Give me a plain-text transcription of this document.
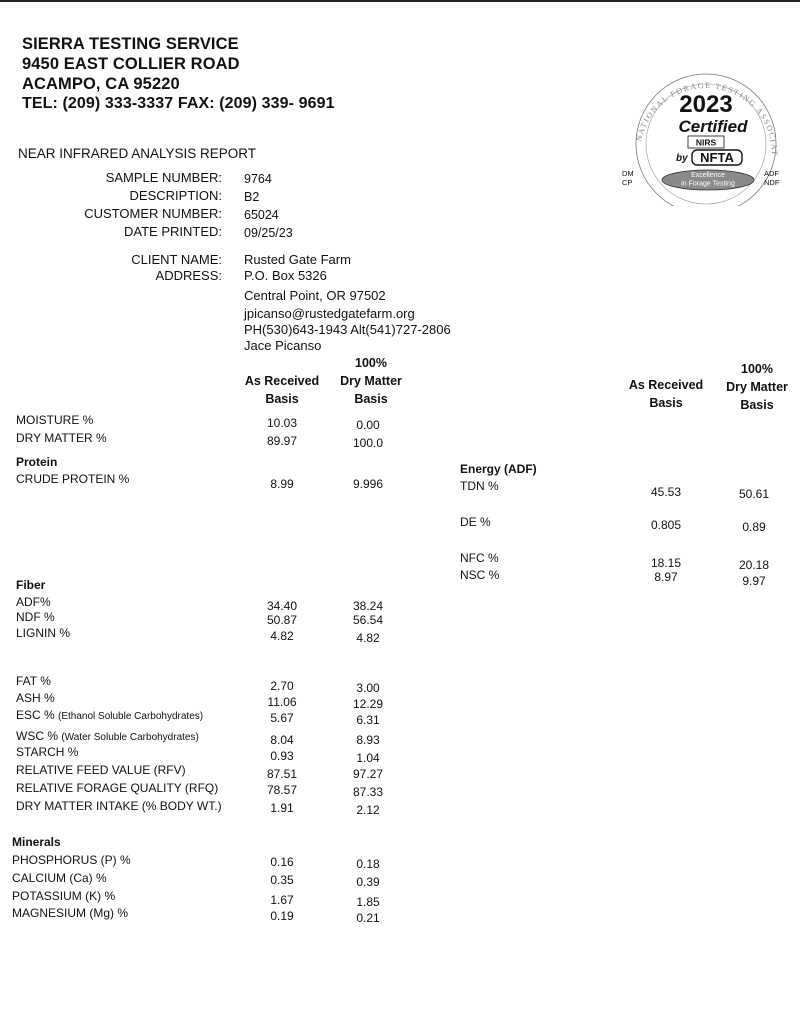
SIERRA TESTING SERVICE
9450 EAST COLLIER ROAD
ACAMPO, CA 95220
TEL: (209) 333-3337 FAX: (209) 339- 9691
NATIONAL FORAGE TESTING ASSOCIAT
2023
Certified
NIRS
by NFTA
Excellence
in Forage Testing
DM
CP
ADF
NDF
NEAR INFRARED ANALYSIS REPORT
SAMPLE NUMBER: 9764
DESCRIPTION: B2
CUSTOMER NUMBER: 65024
DATE PRINTED: 09/25/23
CLIENT NAME: Rusted Gate Farm
ADDRESS: P.O. Box 5326
Central Point, OR 97502
jpicanso@rustedgatefarm.org
PH(530)643-1943 Alt(541)727-2806
Jace Picanso
As Received
Basis
100%
Dry Matter
Basis
As Received
Basis
100%
Dry Matter
Basis
MOISTURE %	10.03	0.00
DRY MATTER %	89.97	100.0
Protein
CRUDE PROTEIN %	8.99	9.996
Fiber
ADF%	34.40	38.24
NDF %	50.87	56.54
LIGNIN %	4.82	4.82
FAT %	2.70	3.00
ASH %	11.06	12.29
ESC % (Ethanol Soluble Carbohydrates)	5.67	6.31
WSC % (Water Soluble Carbohydrates)	8.04	8.93
STARCH %	0.93	1.04
RELATIVE FEED VALUE (RFV)	87.51	97.27
RELATIVE FORAGE QUALITY (RFQ)	78.57	87.33
DRY MATTER INTAKE (% BODY WT.)	1.91	2.12
Minerals
PHOSPHORUS (P) %	0.16	0.18
CALCIUM (Ca) %	0.35	0.39
POTASSIUM (K) %	1.67	1.85
MAGNESIUM (Mg) %	0.19	0.21
Energy (ADF)
TDN %	45.53	50.61
DE %	0.805	0.89
NFC %	18.15	20.18
NSC %	8.97	9.97
